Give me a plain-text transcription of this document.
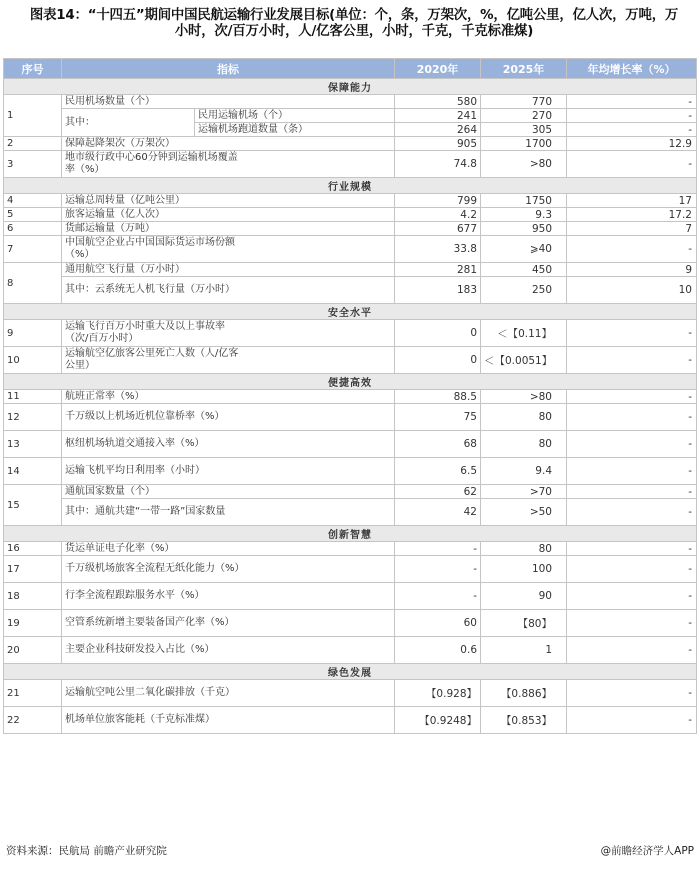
图表14：“十四五”期间中国民航运输行业发展目标(单位：个，条，万架次，%，亿吨公里，亿人次，万吨，万小时，次/百万小时，人/亿客公里，小时，千克，千克标准煤)
序号	指标		2020年	2025年	年均增长率（%）
保障能力					
1	民用机场数量（个）		580	770	-
	其中：	民用运输机场（个）	241	270	-
		运输机场跑道数量（条）	264	305	-
2	保障起降架次（万架次）		905	1700	12.9
3	地市级行政中心60分钟到运输机场覆盖率（%）		74.8	>80	-
行业规模					
4	运输总周转量（亿吨公里）		799	1750	17
5	旅客运输量（亿人次）		4.2	9.3	17.2
6	货邮运输量（万吨）		677	950	7
7	中国航空企业占中国国际货运市场份额（%）		33.8	⩾40	-
8	通用航空飞行量（万小时）		281	450	9

	其中：云系统无人机飞行量（万小时）		183	250	10
安全水平					
9	运输飞行百万小时重大及以上事故率（次/百万小时）		0	＜【0.11】	-
10	运输航空亿旅客公里死亡人数（人/亿客公里）		0	＜【0.0051】	-
便捷高效					
11	航班正常率（%）		88.5	>80	-
12	千万级以上机场近机位靠桥率（%）		75	80	-
13	枢纽机场轨道交通接入率（%）		68	80	-
14	运输飞机平均日利用率（小时）		6.5	9.4	-
15	通航国家数量（个）		62	>70	-

	其中：通航共建“一带一路”国家数量		42	>50	-
创新智慧					
16	货运单证电子化率（%）		-	80	-
17	千万级机场旅客全流程无纸化能力（%）		-	100	-
18	行李全流程跟踪服务水平（%）		-	90	-
19	空管系统新增主要装备国产化率（%）		60	【80】	-
20	主要企业科技研发投入占比（%）		0.6	1	-
绿色发展					
21	运输航空吨公里二氧化碳排放（千克）		【0.928】	【0.886】	-
22	机场单位旅客能耗（千克标准煤）		【0.9248】	【0.853】	-
资料来源：民航局 前瞻产业研究院	@前瞻经济学人APP
